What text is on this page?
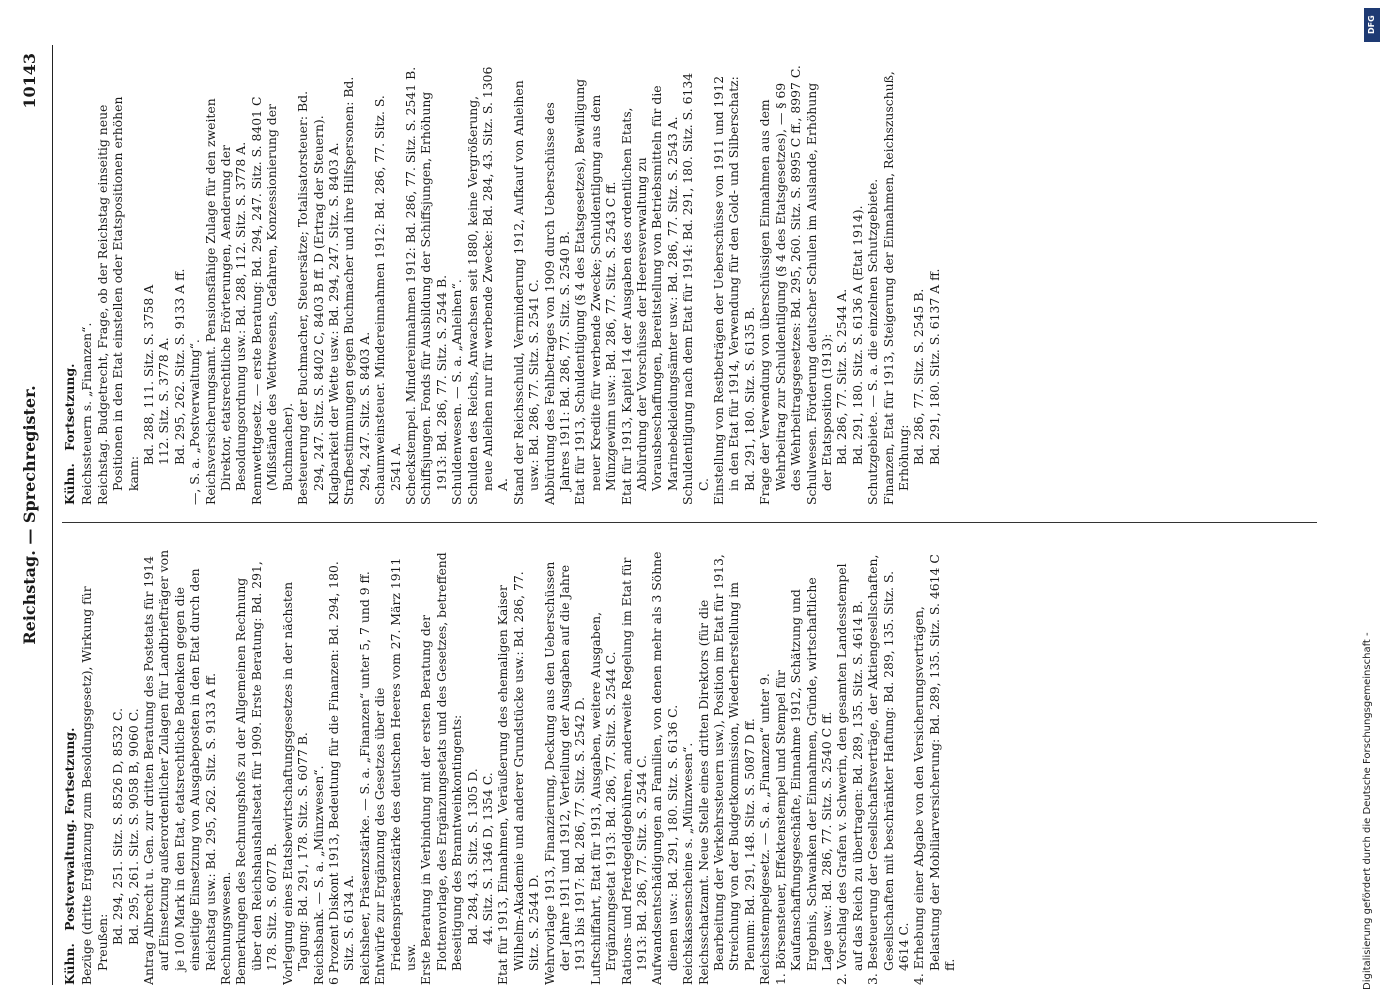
Reichstag. — Sprechregister.
10143
Kühn. Postverwaltung. Fortsetzung. Bezüge (dritte Ergänzung zum Besoldungsgesetz), Wirkung für Preußen: Bd. 294, 251. Sitz. S. 8526 D, 8532 C. Bd. 295, 261. Sitz. S. 9058 B, 9060 C. Antrag Albrecht u. Gen. zur dritten Beratung des Postetats für 1914 auf Einsetzung außerordentlicher Zulagen für Landbriefträger von je 100 Mark in den Etat, etatsrechtliche Bedenken gegen die einseitige Einsetzung von Ausgabeposten in den Etat durch den Reichstag usw.: Bd. 295, 262. Sitz. S. 9133 A ff. Rechnungswesen. Bemerkungen des Rechnungshofs zu der Allgemeinen Rechnung über den Reichshaushaltsetat für 1909. Erste Beratung: Bd. 291, 178. Sitz. S. 6077 B. Vorlegung eines Etatsbewirtschaftungsgesetzes in der nächsten Tagung: Bd. 291, 178. Sitz. S. 6077 B. Reichsbank. — S. a. „Münzwesen“. 6 Prozent Diskont 1913, Bedeutung für die Finanzen: Bd. 294, 180. Sitz. S. 6134 A. Reichsheer, Präsenzstärke. — S. a. „Finanzen“ unter 5, 7 und 9 ff. Entwürfe zur Ergänzung des Gesetzes über die Friedenspräsenzstärke des deutschen Heeres vom 27. März 1911 usw. Erste Beratung in Verbindung mit der ersten Beratung der Flottenvorlage, des Ergänzungsetats und des Gesetzes, betreffend Beseitigung des Branntweinkontingents: Bd. 284, 43. Sitz. S. 1305 D. 44. Sitz. S. 1346 D, 1354 C. Etat für 1913, Einnahmen, Veräußerung des ehemaligen Kaiser Wilhelm-Akademie und anderer Grundstücke usw.: Bd. 286, 77. Sitz. S. 2544 D. Wehrvorlage 1913, Finanzierung, Deckung aus den Ueberschüssen der Jahre 1911 und 1912, Verteilung der Ausgaben auf die Jahre 1913 bis 1917: Bd. 286, 77. Sitz. S. 2542 D. Luftschiffahrt, Etat für 1913, Ausgaben, weitere Ausgaben, Ergänzungsetat 1913: Bd. 286, 77. Sitz. S. 2544 C. Rations- und Pferdegeldgebühren, anderweite Regelung im Etat für 1913: Bd. 286, 77. Sitz. S. 2544 C. Aufwandsentschädigungen an Familien, von denen mehr als 3 Söhne dienen usw.: Bd. 291, 180. Sitz. S. 6136 C. Reichskassenscheine s. „Münzwesen“. Reichsschatzamt. Neue Stelle eines dritten Direktors (für die Bearbeitung der Verkehrssteuern usw.), Position im Etat für 1913, Streichung von der Budgetkommission, Wiederherstellung im Plenum: Bd. 291, 148. Sitz. S. 5087 D ff. Reichsstempelgesetz. — S. a. „Finanzen“ unter 9. 1. Börsensteuer, Effektenstempel und Stempel für Kaufanschaffungsgeschäfte, Einnahme 1912, Schätzung und Ergebnis, Schwanken der Einnahmen, Gründe, wirtschaftliche Lage usw.: Bd. 286, 77. Sitz. S. 2540 C ff. 2. Vorschlag des Grafen v. Schwerin, den gesamten Landesstempel auf das Reich zu übertragen: Bd. 289, 135. Sitz. S. 4614 B. 3. Besteuerung der Gesellschaftsverträge, der Aktiengesellschaften, Gesellschaften mit beschränkter Haftung: Bd. 289, 135. Sitz. S. 4614 C. 4. Erhebung einer Abgabe von den Versicherungsverträgen, Belastung der Mobiliarversicherung: Bd. 289, 135. Sitz. S. 4614 C ff.

Kühn. Fortsetzung. Reichssteuern s. „Finanzen“. Reichstag. Budgetrecht, Frage, ob der Reichstag einseitig neue Positionen in den Etat einstellen oder Etatspositionen erhöhen kann:

Bd. 288, 111. Sitz. S. 3758 A 112. Sitz. S. 3778 A. Bd. 295, 262. Sitz. S. 9133 A ff. —, S. a. „Postverwaltung“. Reichsversicherungsamt. Pensionsfähige Zulage für den zweiten Direktor, etatsrechtliche Erörterungen, Aenderung der Besoldungsordnung usw.: Bd. 288, 112. Sitz. S. 3778 A. Rennwettgesetz. — erste Beratung: Bd. 294, 247. Sitz. S. 8401 C (Mißstände des Wettwesens, Gefahren, Konzessionierung der Buchmacher). Besteuerung der Buchmacher, Steuersätze; Totalisatorsteuer: Bd. 294, 247. Sitz. S. 8402 C, 8403 B ff. D (Ertrag der Steuern). Klagbarkeit der Wette usw.: Bd. 294, 247. Sitz. S. 8403 A. Strafbestimmungen gegen Buchmacher und ihre Hilfspersonen: Bd. 294, 247. Sitz. S. 8403 A. Schaumweinsteuer. Mindereinnahmen 1912: Bd. 286, 77. Sitz. S. 2541 A. Scheckstempel. Mindereinnahmen 1912: Bd. 286, 77. Sitz. S. 2541 B. Schiffsjungen. Fonds für Ausbildung der Schiffsjungen, Erhöhung 1913: Bd. 286, 77. Sitz. S. 2544 B. Schuldenwesen. — S. a. „Anleihen“. Schulden des Reichs, Anwachsen seit 1880, keine Vergrößerung, neue Anleihen nur für werbende Zwecke: Bd. 284, 43. Sitz. S. 1306 A. Stand der Reichsschuld, Verminderung 1912, Aufkauf von Anleihen usw.: Bd. 286, 77. Sitz. S. 2541 C. Abbürdung des Fehlbetrages von 1909 durch Ueberschüsse des Jahres 1911: Bd. 286, 77. Sitz. S. 2540 B. Etat für 1913, Schuldentilgung (§ 4 des Etatsgesetzes), Bewilligung neuer Kredite für werbende Zwecke; Schuldentilgung aus dem Münzgewinn usw.: Bd. 286, 77. Sitz. S. 2543 C ff. Etat für 1913, Kapitel 14 der Ausgaben des ordentlichen Etats, Abbürdung der Vorschüsse der Heeresverwaltung zu Vorausbeschaffungen, Bereitstellung von Betriebsmitteln für die Marinebekleidungsämter usw.: Bd. 286, 77. Sitz. S. 2543 A. Schuldentilgung nach dem Etat für 1914: Bd. 291, 180. Sitz. S. 6134 C. Einstellung von Restbeträgen der Ueberschüsse von 1911 und 1912 in den Etat für 1914, Verwendung für den Gold- und Silberschatz: Bd. 291, 180. Sitz. S. 6135 B. Frage der Verwendung von überschüssigen Einnahmen aus dem Wehrbeitrag zur Schuldentilgung (§ 4 des Etatsgesetzes), — § 69 des Wehrbeitragsgesetzes: Bd. 295, 260. Sitz. S. 8995 C ff., 8997 C. Schulwesen. Förderung deutscher Schulen im Auslande, Erhöhung der Etatsposition (1913): Bd. 286, 77. Sitz. S. 2544 A. Bd. 291, 180. Sitz. S. 6136 A (Etat 1914). Schutzgebiete. — S. a. die einzelnen Schutzgebiete. Finanzen, Etat für 1913, Steigerung der Einnahmen, Reichszuschuß, Erhöhung: Bd. 286, 77. Sitz. S. 2545 B. Bd. 291, 180. Sitz. S. 6137 A ff.

Digitalisierung gefördert durch die Deutsche Forschungsgemeinschaft -
DFG
